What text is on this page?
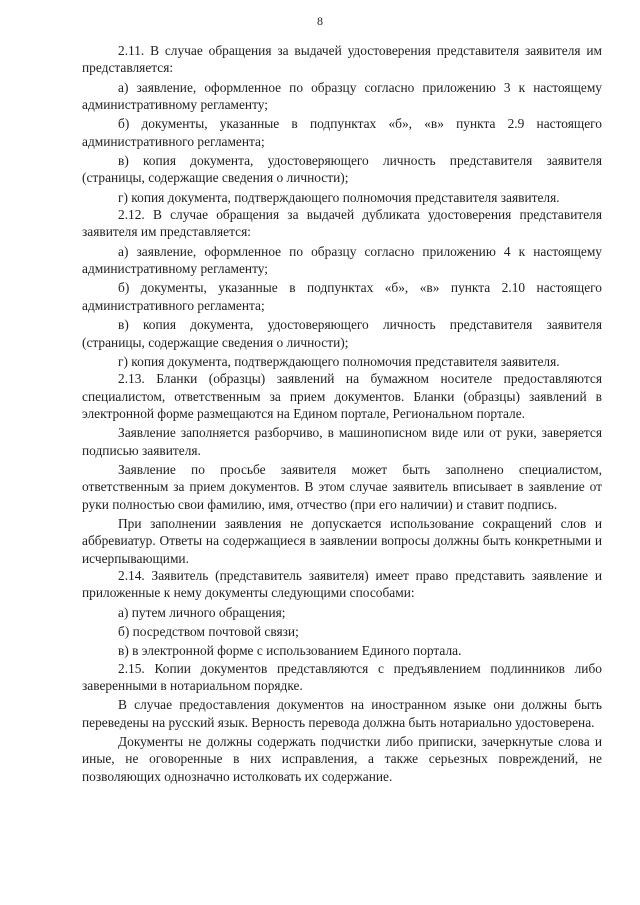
8

2.11. В случае обращения за выдачей удостоверения представителя заявителя им представляется:

а) заявление, оформленное по образцу согласно приложению 3 к настоящему административному регламенту;

б) документы, указанные в подпунктах «б», «в» пункта 2.9 настоящего административного регламента;

в) копия документа, удостоверяющего личность представителя заявителя (страницы, содержащие сведения о личности);

г) копия документа, подтверждающего полномочия представителя заявителя.

2.12. В случае обращения за выдачей дубликата удостоверения представителя заявителя им представляется:

а) заявление, оформленное по образцу согласно приложению 4 к настоящему административному регламенту;

б) документы, указанные в подпунктах «б», «в» пункта 2.10 настоящего административного регламента;

в) копия документа, удостоверяющего личность представителя заявителя (страницы, содержащие сведения о личности);

г) копия документа, подтверждающего полномочия представителя заявителя.

2.13. Бланки (образцы) заявлений на бумажном носителе предоставляются специалистом, ответственным за прием документов. Бланки (образцы) заявлений в электронной форме размещаются на Едином портале, Региональном портале.

Заявление заполняется разборчиво, в машинописном виде или от руки, заверяется подписью заявителя.

Заявление по просьбе заявителя может быть заполнено специалистом, ответственным за прием документов. В этом случае заявитель вписывает в заявление от руки полностью свои фамилию, имя, отчество (при его наличии) и ставит подпись.

При заполнении заявления не допускается использование сокращений слов и аббревиатур. Ответы на содержащиеся в заявлении вопросы должны быть конкретными и исчерпывающими.

2.14. Заявитель (представитель заявителя) имеет право представить заявление и приложенные к нему документы следующими способами:

а) путем личного обращения;

б) посредством почтовой связи;

в) в электронной форме с использованием Единого портала.

2.15. Копии документов представляются с предъявлением подлинников либо заверенными в нотариальном порядке.

В случае предоставления документов на иностранном языке они должны быть переведены на русский язык. Верность перевода должна быть нотариально удостоверена.

Документы не должны содержать подчистки либо приписки, зачеркнутые слова и иные, не оговоренные в них исправления, а также серьезных повреждений, не позволяющих однозначно истолковать их содержание.
